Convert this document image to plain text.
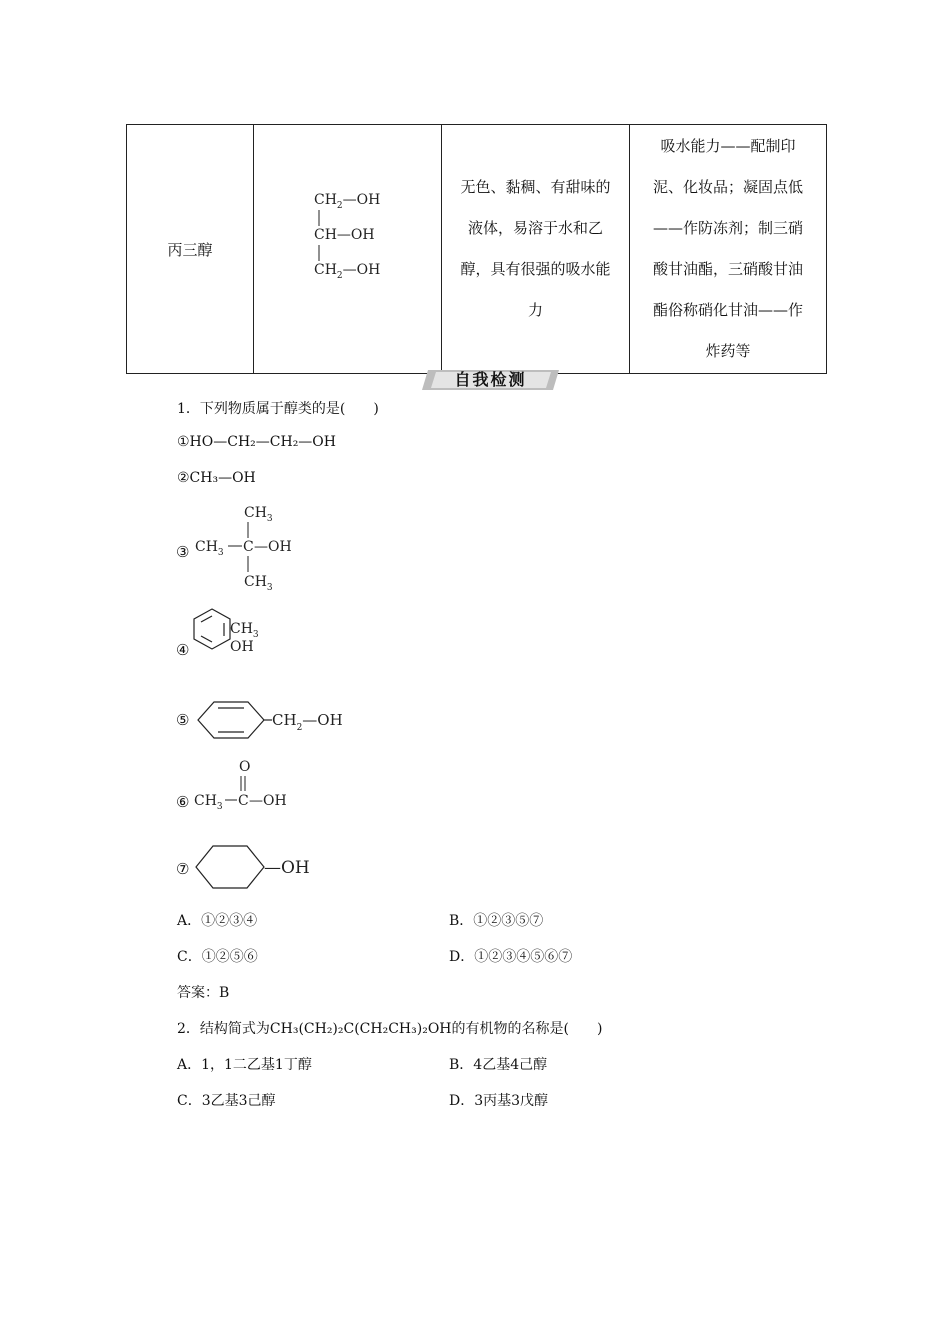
丙三醇	
$CH_2—OH$
CH—OH
$CH_2—OH$

无色、黏稠、有甜味的
液体，易溶于水和乙
醇，具有很强的吸水能
力

吸水能力——配制印
泥、化妆品；凝固点低
——作防冻剂；制三硝
酸甘油酯，三硝酸甘油
酯俗称硝化甘油——作
炸药等
自我检测
1．下列物质属于醇类的是(　　)
①HO—CH₂—CH₂—OH
②CH₃—OH
③
$CH_3$
$CH_3$ C —OH
$CH_3$
④
$CH_3$
OH
⑤	$CH_2—OH$
⑥
O
$CH_3$ C —OH
⑦	—OH
A．①②③④	B．①②③⑤⑦
C．①②⑤⑥	D．①②③④⑤⑥⑦
答案：B
2．结构简式为CH₃(CH₂)₂C(CH₂CH₃)₂OH的有机物的名称是(　　)
A．1，1二乙基1丁醇	B．4乙基4己醇
C．3乙基3己醇	D．3丙基3戊醇
